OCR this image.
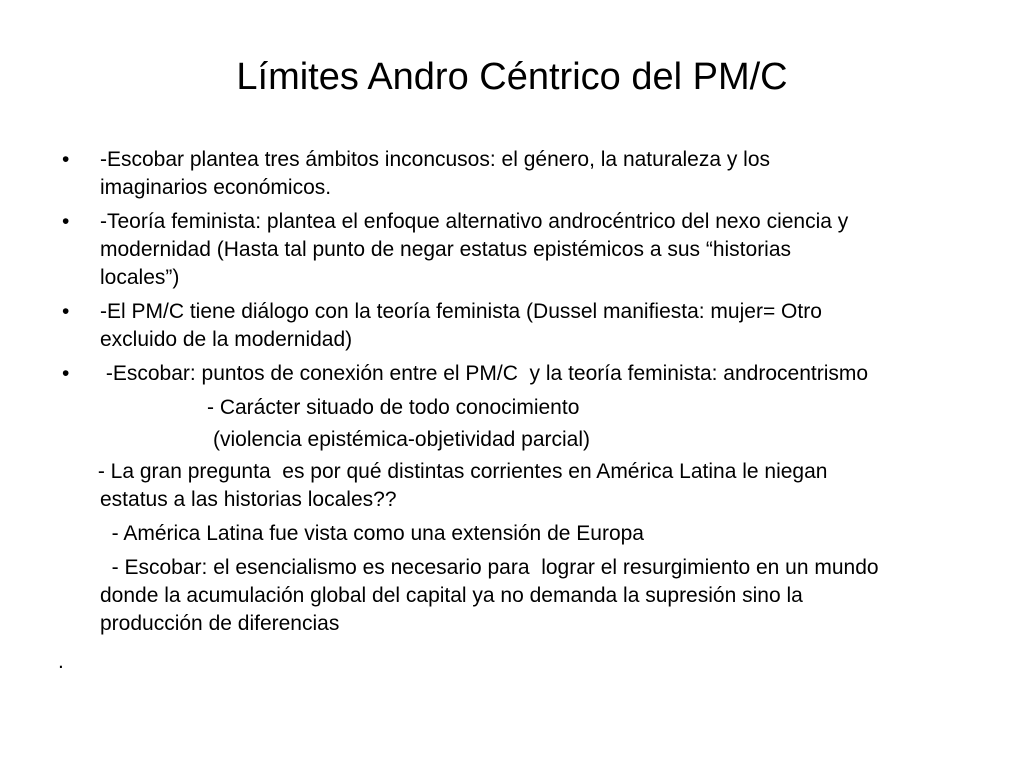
Límites Andro Céntrico del PM/C
•	-Escobar plantea tres ámbitos inconcusos: el género, la naturaleza y los
imaginarios económicos.
•	-Teoría feminista: plantea el enfoque alternativo androcéntrico del nexo ciencia y
modernidad (Hasta tal punto de negar estatus epistémicos a sus “historias
locales”)
•	-El PM/C tiene diálogo con la teoría feminista (Dussel manifiesta: mujer= Otro
excluido de la modernidad)
•	-Escobar: puntos de conexión entre el PM/C  y la teoría feminista: androcentrismo
- Carácter situado de todo conocimiento
(violencia epistémica-objetividad parcial)
- La gran pregunta  es por qué distintas corrientes en América Latina le niegan
estatus a las historias locales??
- América Latina fue vista como una extensión de Europa
- Escobar: el esencialismo es necesario para  lograr el resurgimiento en un mundo
donde la acumulación global del capital ya no demanda la supresión sino la
producción de diferencias
.
